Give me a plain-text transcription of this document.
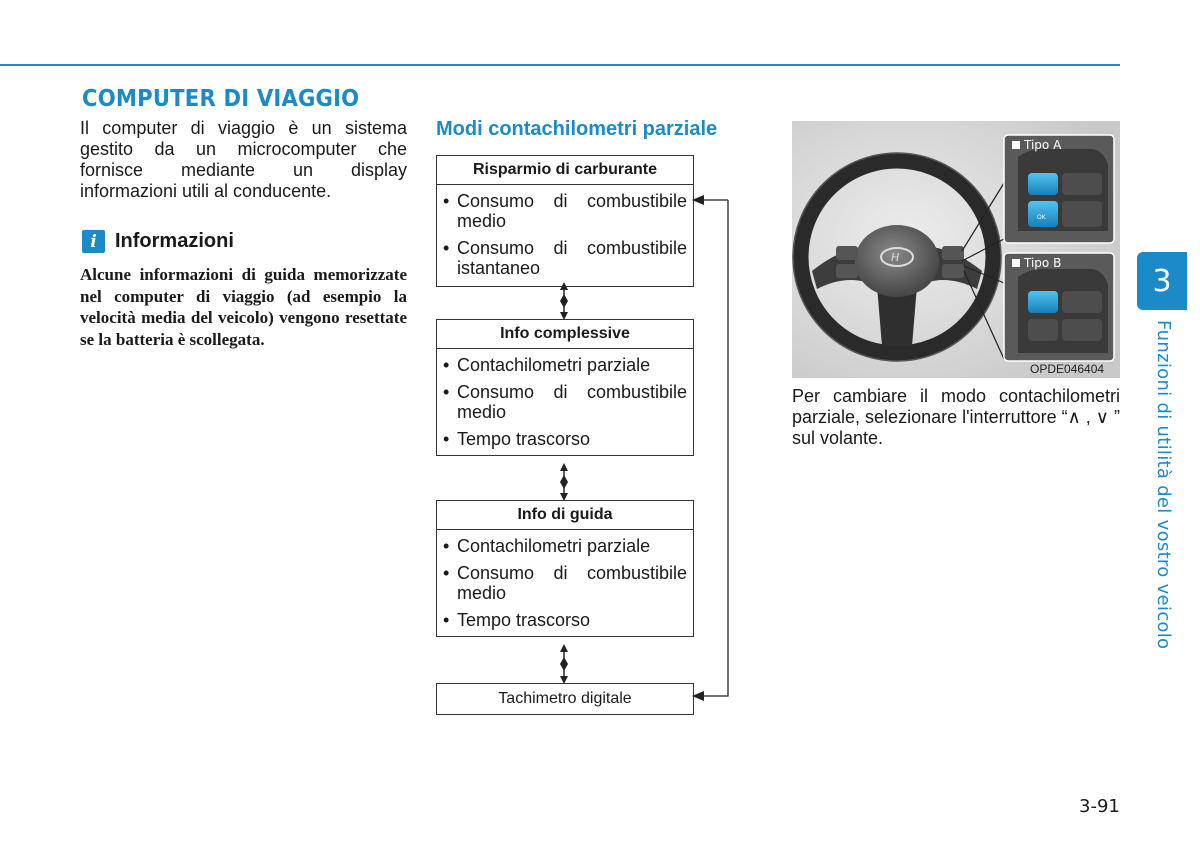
COMPUTER DI VIAGGIO
Il computer di viaggio è un sistema gestito da un microcomputer che fornisce mediante un display informazioni utili al conducente.
i Informazioni
Alcune informazioni di guida memorizzate nel computer di viaggio (ad esempio la velocità media del veicolo) vengono resettate se la batteria è scollegata.
Modi contachilometri parziale
Risparmio di carburante
• Consumo di combustibile medio
• Consumo di combustibile istantaneo
Info complessive
• Contachilometri parziale
• Consumo di combustibile medio
• Tempo trascorso
Info di guida
• Contachilometri parziale
• Consumo di combustibile medio
• Tempo trascorso
Tachimetro digitale
H
OK
Tipo A
Tipo B
OPDE046404
Per cambiare il modo contachilometri parziale, selezionare l'interruttore “∧ , ∨ ” sul volante.
3
Funzioni di utilità del vostro veicolo
3-91
